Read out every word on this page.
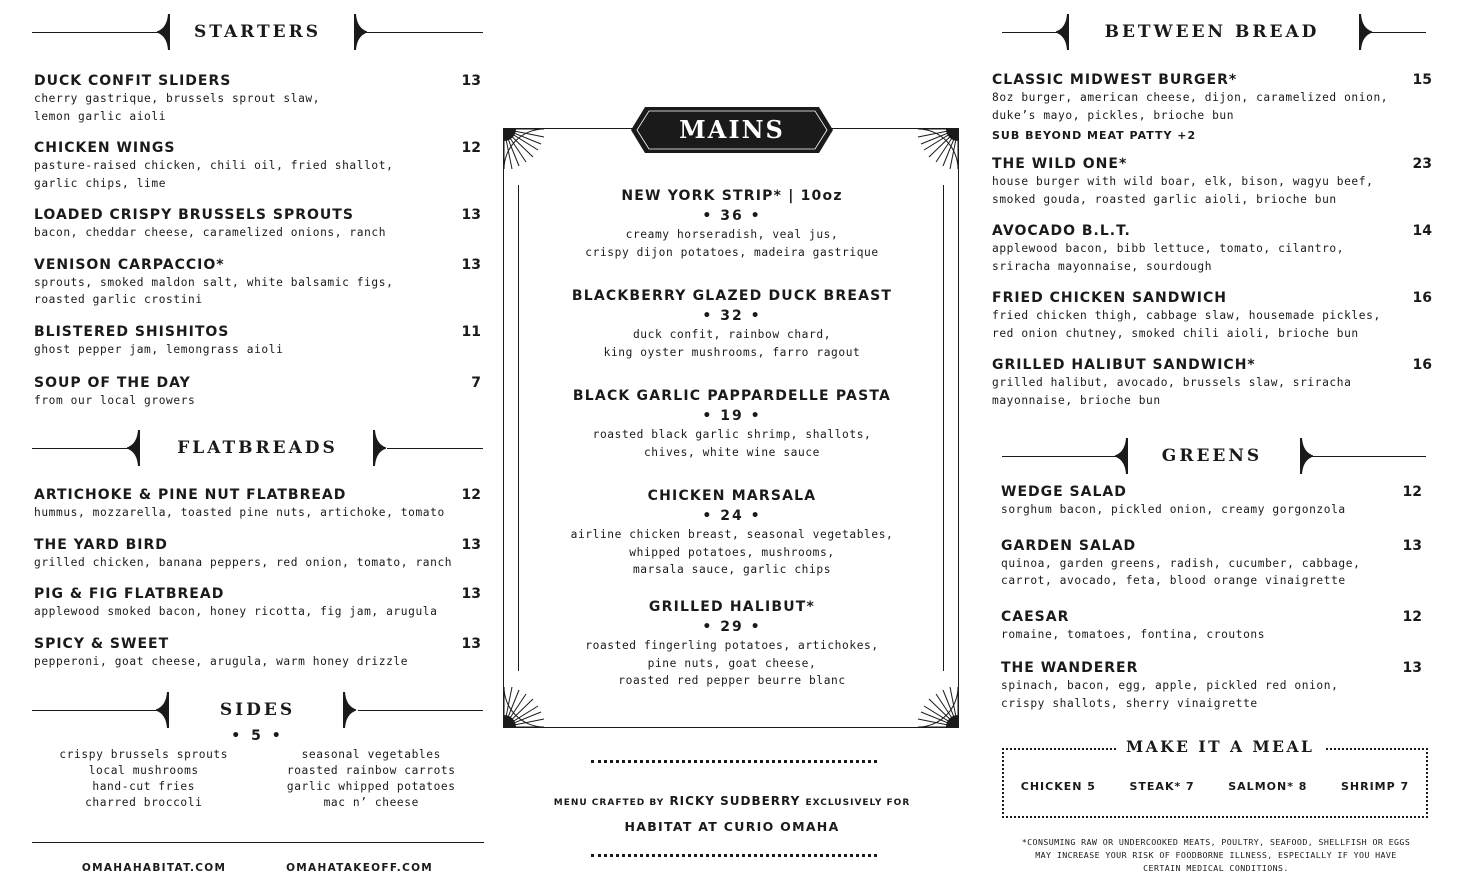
STARTERS
DUCK CONFIT SLIDERS	13
cherry gastrique, brussels sprout slaw,
lemon garlic aioli
CHICKEN WINGS	12
pasture-raised chicken, chili oil, fried shallot,
garlic chips, lime
LOADED CRISPY BRUSSELS SPROUTS	13
bacon, cheddar cheese, caramelized onions, ranch
VENISON CARPACCIO*	13
sprouts, smoked maldon salt, white balsamic figs,
roasted garlic crostini
BLISTERED SHISHITOS	11
ghost pepper jam, lemongrass aioli
SOUP OF THE DAY	7
from our local growers
FLATBREADS
ARTICHOKE & PINE NUT FLATBREAD	12
hummus, mozzarella, toasted pine nuts, artichoke, tomato
THE YARD BIRD	13
grilled chicken, banana peppers, red onion, tomato, ranch
PIG & FIG FLATBREAD	13
applewood smoked bacon, honey ricotta, fig jam, arugula
SPICY & SWEET	13
pepperoni, goat cheese, arugula, warm honey drizzle
SIDES
• 5 •
crispy brussels sprouts	seasonal vegetables
local mushrooms	roasted rainbow carrots
hand-cut fries	garlic whipped potatoes
charred broccoli	mac n’ cheese
OMAHAHABITAT.COM	OMAHATAKEOFF.COM
MAINS
NEW YORK STRIP* | 10oz
• 36 •
creamy horseradish, veal jus,
crispy dijon potatoes, madeira gastrique
BLACKBERRY GLAZED DUCK BREAST
• 32 •
duck confit, rainbow chard,
king oyster mushrooms, farro ragout
BLACK GARLIC PAPPARDELLE PASTA
• 19 •
roasted black garlic shrimp, shallots,
chives, white wine sauce
CHICKEN MARSALA
• 24 •
airline chicken breast, seasonal vegetables,
whipped potatoes, mushrooms,
marsala sauce, garlic chips
GRILLED HALIBUT*
• 29 •
roasted fingerling potatoes, artichokes,
pine nuts, goat cheese,
roasted red pepper beurre blanc
MENU CRAFTED BY RICKY SUDBERRY EXCLUSIVELY FOR
HABITAT AT CURIO OMAHA
BETWEEN BREAD
CLASSIC MIDWEST BURGER*	15
8oz burger, american cheese, dijon, caramelized onion,
duke’s mayo, pickles, brioche bun
SUB BEYOND MEAT PATTY +2
THE WILD ONE*	23
house burger with wild boar, elk, bison, wagyu beef,
smoked gouda, roasted garlic aioli, brioche bun
AVOCADO B.L.T.	14
applewood bacon, bibb lettuce, tomato, cilantro,
sriracha mayonnaise, sourdough
FRIED CHICKEN SANDWICH	16
fried chicken thigh, cabbage slaw, housemade pickles,
red onion chutney, smoked chili aioli, brioche bun
GRILLED HALIBUT SANDWICH*	16
grilled halibut, avocado, brussels slaw, sriracha
mayonnaise, brioche bun
GREENS
WEDGE SALAD	12
sorghum bacon, pickled onion, creamy gorgonzola
GARDEN SALAD	13
quinoa, garden greens, radish, cucumber, cabbage,
carrot, avocado, feta, blood orange vinaigrette
CAESAR	12
romaine, tomatoes, fontina, croutons
THE WANDERER	13
spinach, bacon, egg, apple, pickled red onion,
crispy shallots, sherry vinaigrette
MAKE IT A MEAL
CHICKEN 5	STEAK* 7	SALMON* 8	SHRIMP 7
*CONSUMING RAW OR UNDERCOOKED MEATS, POULTRY, SEAFOOD, SHELLFISH OR EGGS
MAY INCREASE YOUR RISK OF FOODBORNE ILLNESS, ESPECIALLY IF YOU HAVE
CERTAIN MEDICAL CONDITIONS.
